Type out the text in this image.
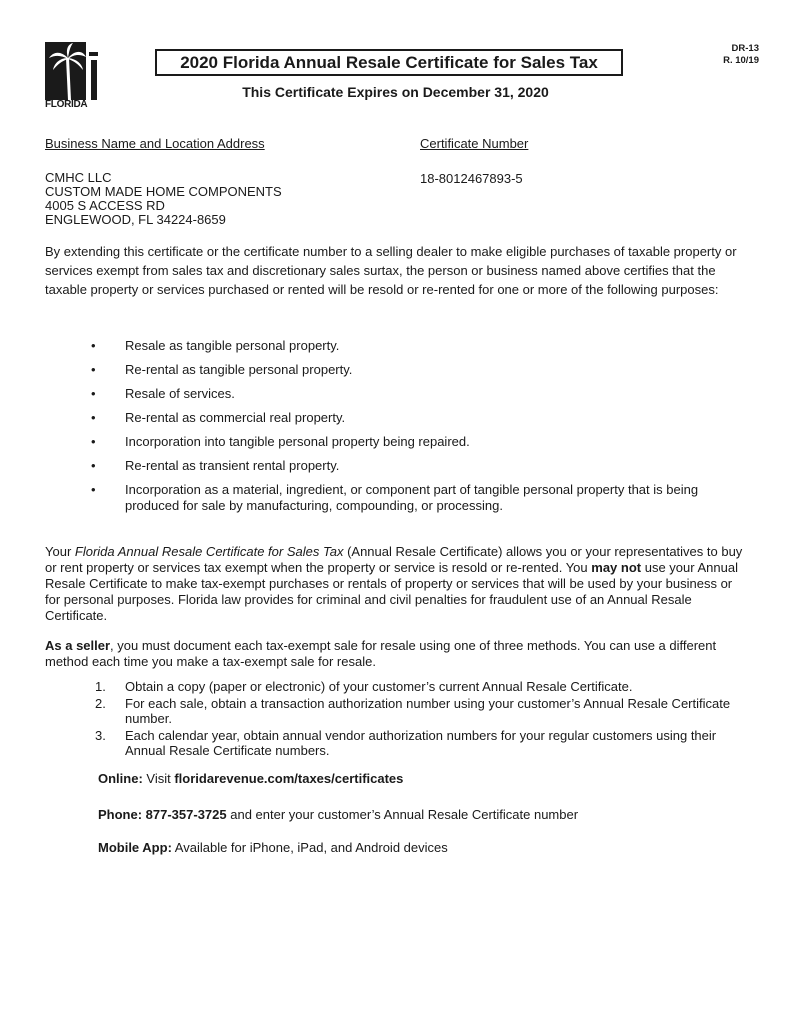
FLORIDA
2020 Florida Annual Resale Certificate for Sales Tax
DR-13
R. 10/19
This Certificate Expires on December 31, 2020
Business Name and Location Address	Certificate Number
CMHC LLC
CUSTOM MADE HOME COMPONENTS
4005 S ACCESS RD
ENGLEWOOD, FL 34224-8659
18-8012467893-5
By extending this certificate or the certificate number to a selling dealer to make eligible purchases of taxable property or services exempt from sales tax and discretionary sales surtax, the person or business named above certifies that the taxable property or services purchased or rented will be resold or re-rented for one or more of the following purposes:
• Resale as tangible personal property.
• Re-rental as tangible personal property.
• Resale of services.
• Re-rental as commercial real property.
• Incorporation into tangible personal property being repaired.
• Re-rental as transient rental property.
• Incorporation as a material, ingredient, or component part of tangible personal property that is being produced for sale by manufacturing, compounding, or processing.
Your Florida Annual Resale Certificate for Sales Tax (Annual Resale Certificate) allows you or your representatives to buy or rent property or services tax exempt when the property or service is resold or re-rented. You may not use your Annual Resale Certificate to make tax-exempt purchases or rentals of property or services that will be used by your business or for personal purposes. Florida law provides for criminal and civil penalties for fraudulent use of an Annual Resale Certificate.
As a seller, you must document each tax-exempt sale for resale using one of three methods. You can use a different method each time you make a tax-exempt sale for resale.
1. Obtain a copy (paper or electronic) of your customer’s current Annual Resale Certificate.
2. For each sale, obtain a transaction authorization number using your customer’s Annual Resale Certificate number.
3. Each calendar year, obtain annual vendor authorization numbers for your regular customers using their Annual Resale Certificate numbers.
Online: Visit floridarevenue.com/taxes/certificates
Phone: 877-357-3725 and enter your customer’s Annual Resale Certificate number
Mobile App: Available for iPhone, iPad, and Android devices
